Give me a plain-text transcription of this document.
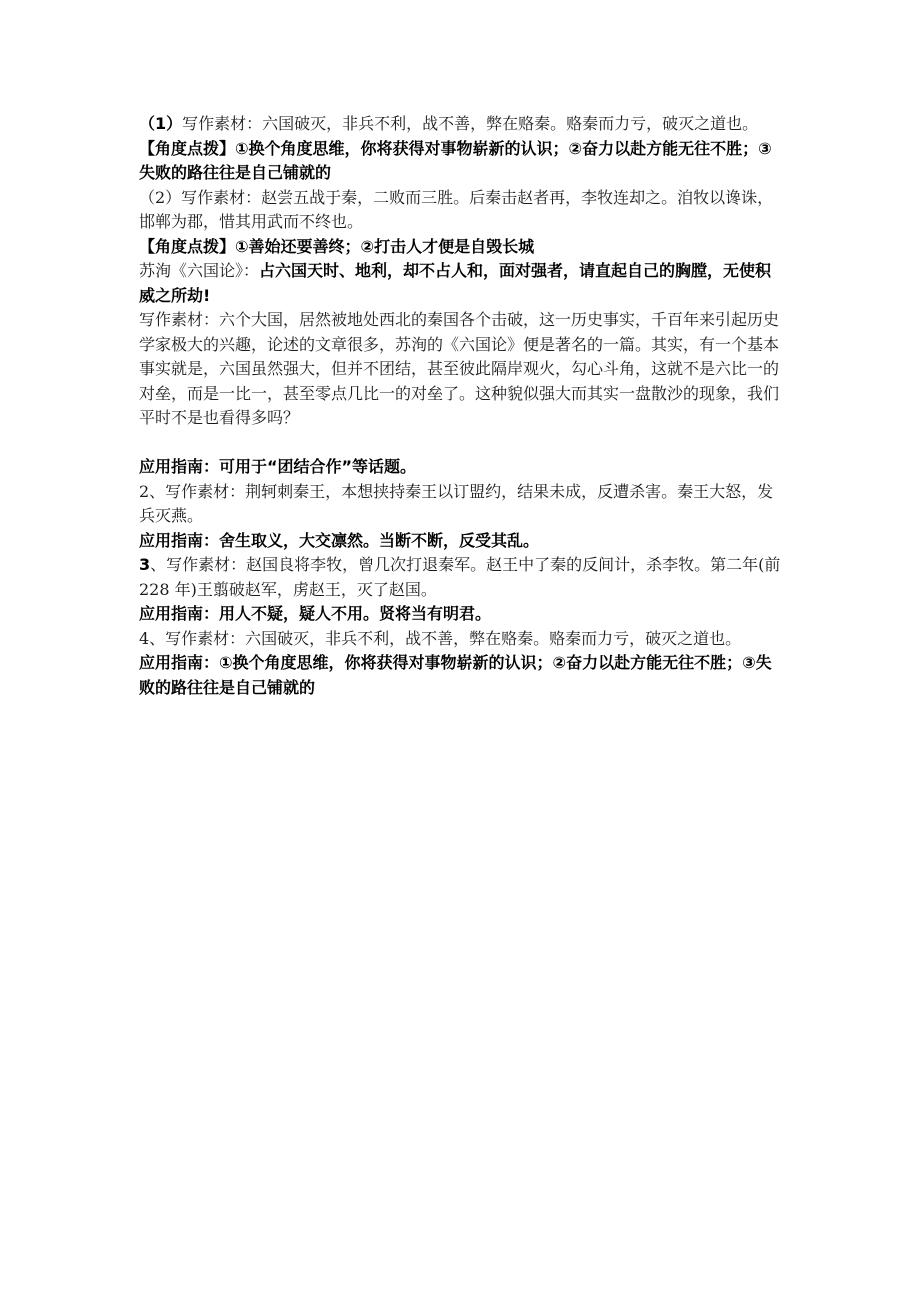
（1）写作素材：六国破灭，非兵不利，战不善，弊在赂秦。赂秦而力亏，破灭之道也。

【角度点拨】①换个角度思维，你将获得对事物崭新的认识；②奋力以赴方能无往不胜；③失败的路往往是自己铺就的

（2）写作素材：赵尝五战于秦，二败而三胜。后秦击赵者再，李牧连却之。洎牧以谗诛，邯郸为郡，惜其用武而不终也。

【角度点拨】①善始还要善终；②打击人才便是自毁长城

苏洵《六国论》：占六国天时、地利，却不占人和，面对强者，请直起自己的胸膛，无使积威之所劫!

写作素材：六个大国，居然被地处西北的秦国各个击破，这一历史事实，千百年来引起历史学家极大的兴趣，论述的文章很多，苏洵的《六国论》便是著名的一篇。其实，有一个基本事实就是，六国虽然强大，但并不团结，甚至彼此隔岸观火，勾心斗角，这就不是六比一的对垒，而是一比一，甚至零点几比一的对垒了。这种貌似强大而其实一盘散沙的现象，我们平时不是也看得多吗？

应用指南：可用于“团结合作”等话题。

2、写作素材：荆轲刺秦王，本想挟持秦王以订盟约，结果未成，反遭杀害。秦王大怒，发兵灭燕。

应用指南：舍生取义，大交凛然。当断不断，反受其乱。

3、写作素材：赵国良将李牧，曾几次打退秦军。赵王中了秦的反间计，杀李牧。第二年(前 228 年)王翦破赵军，虏赵王，灭了赵国。

应用指南：用人不疑，疑人不用。贤将当有明君。

4、写作素材：六国破灭，非兵不利，战不善，弊在赂秦。赂秦而力亏，破灭之道也。

应用指南：①换个角度思维，你将获得对事物崭新的认识；②奋力以赴方能无往不胜；③失败的路往往是自己铺就的
